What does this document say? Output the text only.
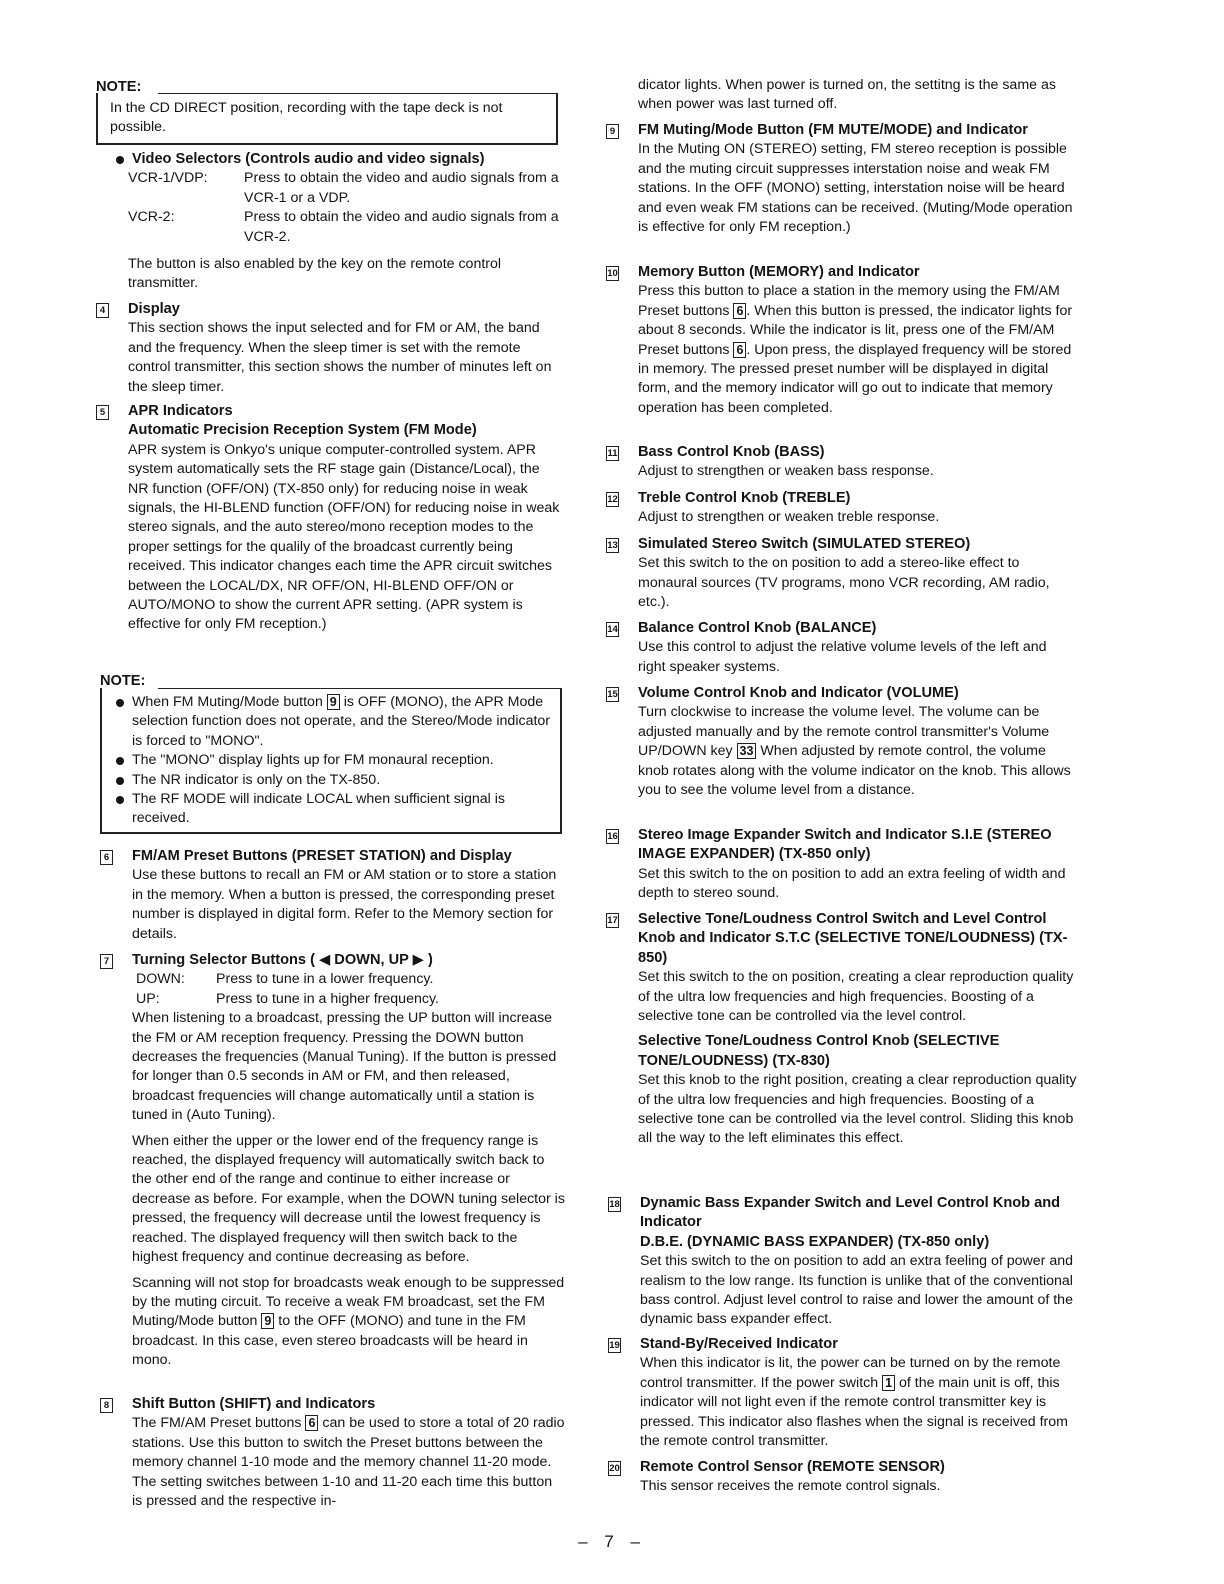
NOTE:

In the CD DIRECT position, recording with the tape deck is not possible.

Video Selectors (Controls audio and video signals)
VCR-1/VDP:	Press to obtain the video and audio signals from a VCR-1 or a VDP.
VCR-2:	Press to obtain the video and audio signals from a VCR-2.

The button is also enabled by the key on the remote control transmitter.

4 Display

This section shows the input selected and for FM or AM, the band and the frequency. When the sleep timer is set with the remote control transmitter, this section shows the number of minutes left on the sleep timer.

5 APR Indicators
Automatic Precision Reception System (FM Mode)

APR system is Onkyo's unique computer-controlled system. APR system automatically sets the RF stage gain (Distance/Local), the NR function (OFF/ON) (TX-850 only) for reducing noise in weak signals, the HI-BLEND function (OFF/ON) for reducing noise in weak stereo signals, and the auto stereo/mono reception modes to the proper settings for the qualily of the broadcast currently being received. This indicator changes each time the APR circuit switches between the LOCAL/DX, NR OFF/ON, HI-BLEND OFF/ON or AUTO/MONO to show the current APR setting. (APR system is effective for only FM reception.)

NOTE:
When FM Muting/Mode button 9 is OFF (MONO), the APR Mode selection function does not operate, and the Stereo/Mode indicator is forced to "MONO".
The "MONO" display lights up for FM monaural reception.
The NR indicator is only on the TX-850.
The RF MODE will indicate LOCAL when sufficient signal is received.
6 FM/AM Preset Buttons (PRESET STATION) and Display

Use these buttons to recall an FM or AM station or to store a station in the memory. When a button is pressed, the corresponding preset number is displayed in digital form. Refer to the Memory section for details.

7 Turning Selector Buttons ( ◀ DOWN, UP ▶ )
DOWN:	Press to tune in a lower frequency.
UP:	Press to tune in a higher frequency.

When listening to a broadcast, pressing the UP button will increase the FM or AM reception frequency. Pressing the DOWN button decreases the frequencies (Manual Tuning). If the button is pressed for longer than 0.5 seconds in AM or FM, and then released, broadcast frequencies will change automatically until a station is tuned in (Auto Tuning).

When either the upper or the lower end of the frequency range is reached, the displayed frequency will automatically switch back to the other end of the range and continue to either increase or decrease as before. For example, when the DOWN tuning selector is pressed, the frequency will decrease until the lowest frequency is reached. The displayed frequency will then switch back to the highest frequency and continue decreasing as before.

Scanning will not stop for broadcasts weak enough to be suppressed by the muting circuit. To receive a weak FM broadcast, set the FM Muting/Mode button 9 to the OFF (MONO) and tune in the FM broadcast. In this case, even stereo broadcasts will be heard in mono.

8 Shift Button (SHIFT) and Indicators

The FM/AM Preset buttons 6 can be used to store a total of 20 radio stations. Use this button to switch the Preset buttons between the memory channel 1-10 mode and the memory channel 11-20 mode. The setting switches between 1-10 and 11-20 each time this button is pressed and the respective in-

dicator lights. When power is turned on, the settitng is the same as when power was last turned off.

9 FM Muting/Mode Button (FM MUTE/MODE) and Indicator

In the Muting ON (STEREO) setting, FM stereo reception is possible and the muting circuit suppresses interstation noise and weak FM stations. In the OFF (MONO) setting, interstation noise will be heard and even weak FM stations can be received. (Muting/Mode operation is effective for only FM reception.)

10 Memory Button (MEMORY) and Indicator

Press this button to place a station in the memory using the FM/AM Preset buttons 6 . When this button is pressed, the indicator lights for about 8 seconds. While the indicator is lit, press one of the FM/AM Preset buttons 6 . Upon press, the displayed frequency will be stored in memory. The pressed preset number will be displayed in digital form, and the memory indicator will go out to indicate that memory operation has been completed.

11 Bass Control Knob (BASS)

Adjust to strengthen or weaken bass response.

12 Treble Control Knob (TREBLE)

Adjust to strengthen or weaken treble response.

13 Simulated Stereo Switch (SIMULATED STEREO)

Set this switch to the on position to add a stereo-like effect to monaural sources (TV programs, mono VCR recording, AM radio, etc.).

14 Balance Control Knob (BALANCE)

Use this control to adjust the relative volume levels of the left and right speaker systems.

15 Volume Control Knob and Indicator (VOLUME)

Turn clockwise to increase the volume level. The volume can be adjusted manually and by the remote control transmitter's Volume UP/DOWN key 33 When adjusted by remote control, the volume knob rotates along with the volume indicator on the knob. This allows you to see the volume level from a distance.

16 Stereo Image Expander Switch and Indicator S.I.E (STEREO IMAGE EXPANDER) (TX-850 only)

Set this switch to the on position to add an extra feeling of width and depth to stereo sound.

17 Selective Tone/Loudness Control Switch and Level Control Knob and Indicator S.T.C (SELECTIVE TONE/LOUDNESS) (TX-850)

Set this switch to the on position, creating a clear reproduction quality of the ultra low frequencies and high frequencies. Boosting of a selective tone can be controlled via the level control.

Selective Tone/Loudness Control Knob (SELECTIVE TONE/LOUDNESS) (TX-830)

Set this knob to the right position, creating a clear reproduction quality of the ultra low frequencies and high frequencies. Boosting of a selective tone can be controlled via the level control. Sliding this knob all the way to the left eliminates this effect.

18 Dynamic Bass Expander Switch and Level Control Knob and Indicator
D.B.E. (DYNAMIC BASS EXPANDER) (TX-850 only)

Set this switch to the on position to add an extra feeling of power and realism to the low range. Its function is unlike that of the conventional bass control. Adjust level control to raise and lower the amount of the dynamic bass expander effect.

19 Stand-By/Received Indicator

When this indicator is lit, the power can be turned on by the remote control transmitter. If the power switch 1 of the main unit is off, this indicator will not light even if the remote control transmitter key is pressed. This indicator also flashes when the signal is received from the remote control transmitter.

20 Remote Control Sensor (REMOTE SENSOR)

This sensor receives the remote control signals.

– 7 –
